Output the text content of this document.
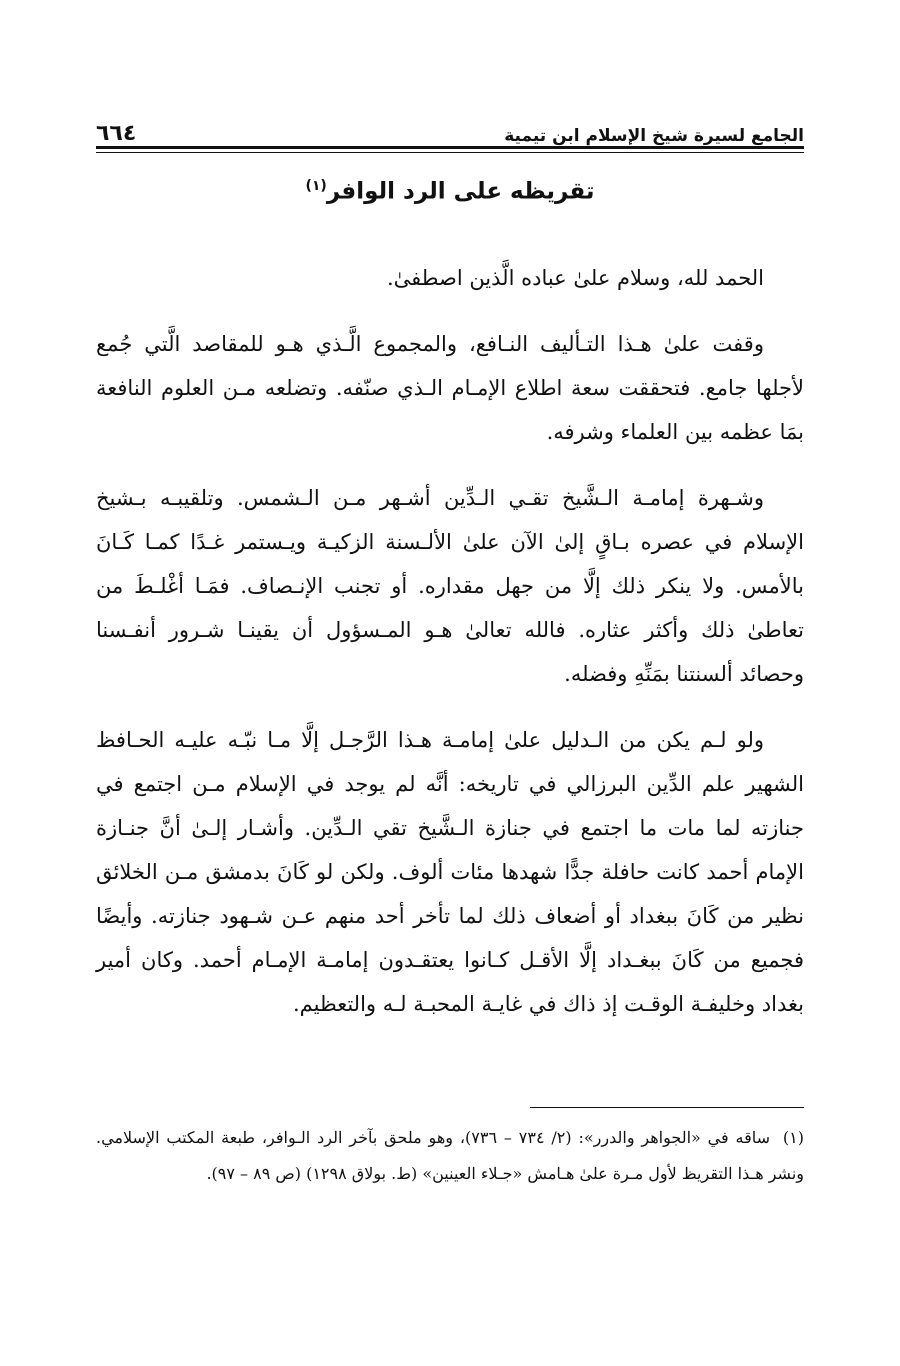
الجامع لسيرة شيخ الإسلام ابن تيمية
٦٦٤
تقريظه على الرد الوافر$^{(١)}$

الحمد لله، وسلام علىٰ عباده الَّذين اصطفىٰ.

وقفت علىٰ هـذا التـأليف النـافع، والمجموع الَّـذي هـو للمقاصد الَّتي جُمع لأجلها جامع. فتحققت سعة اطلاع الإمـام الـذي صنّفه. وتضلعه مـن العلوم النافعة بمَا عظمه بين العلماء وشرفه.

وشـهرة إمامـة الـشَّيخ تقـي الـدِّين أشـهر مـن الـشمس. وتلقيبـه بـشيخ الإسلام في عصره بـاقٍ إلىٰ الآن علىٰ الألـسنة الزكيـة ويـستمر غـدًا كمـا كَـانَ بالأمس. ولا ينكر ذلك إلَّا من جهل مقداره. أو تجنب الإنـصاف. فمَـا أغْلـطَ من تعاطىٰ ذلك وأكثر عثاره. فالله تعالىٰ هـو المـسؤول أن يقينـا شـرور أنفـسنا وحصائد ألسنتنا بمَنِّهِ وفضله.

ولو لـم يكن من الـدليل علىٰ إمامـة هـذا الرَّجـل إلَّا مـا نبّـه عليـه الحـافظ الشهير علم الدِّين البرزالي في تاريخه: أنَّه لم يوجد في الإسلام مـن اجتمع في جنازته لما مات ما اجتمع في جنازة الـشَّيخ تقي الـدِّين. وأشـار إلـىٰ أنَّ جنـازة الإمام أحمد كانت حافلة جدًّا شهدها مئات ألوف. ولكن لو كَانَ بدمشق مـن الخلائق نظير من كَانَ ببغداد أو أضعاف ذلك لما تأخر أحد منهم عـن شـهود جنازته. وأيضًا فجميع من كَانَ ببغـداد إلَّا الأقـل كـانوا يعتقـدون إمامـة الإمـام أحمد. وكان أمير بغداد وخليفـة الوقـت إذ ذاك في غايـة المحبـة لـه والتعظيم.

(١) ساقه في «الجواهر والدرر»: (٢/ ٧٣٤ – ٧٣٦)، وهو ملحق بآخر الرد الـوافر، طبعة المكتب الإسلامي. ونشر هـذا التقريظ لأول مـرة علىٰ هـامش «جـلاء العينين» (ط. بولاق ١٢٩٨) (ص ٨٩ – ٩٧).
